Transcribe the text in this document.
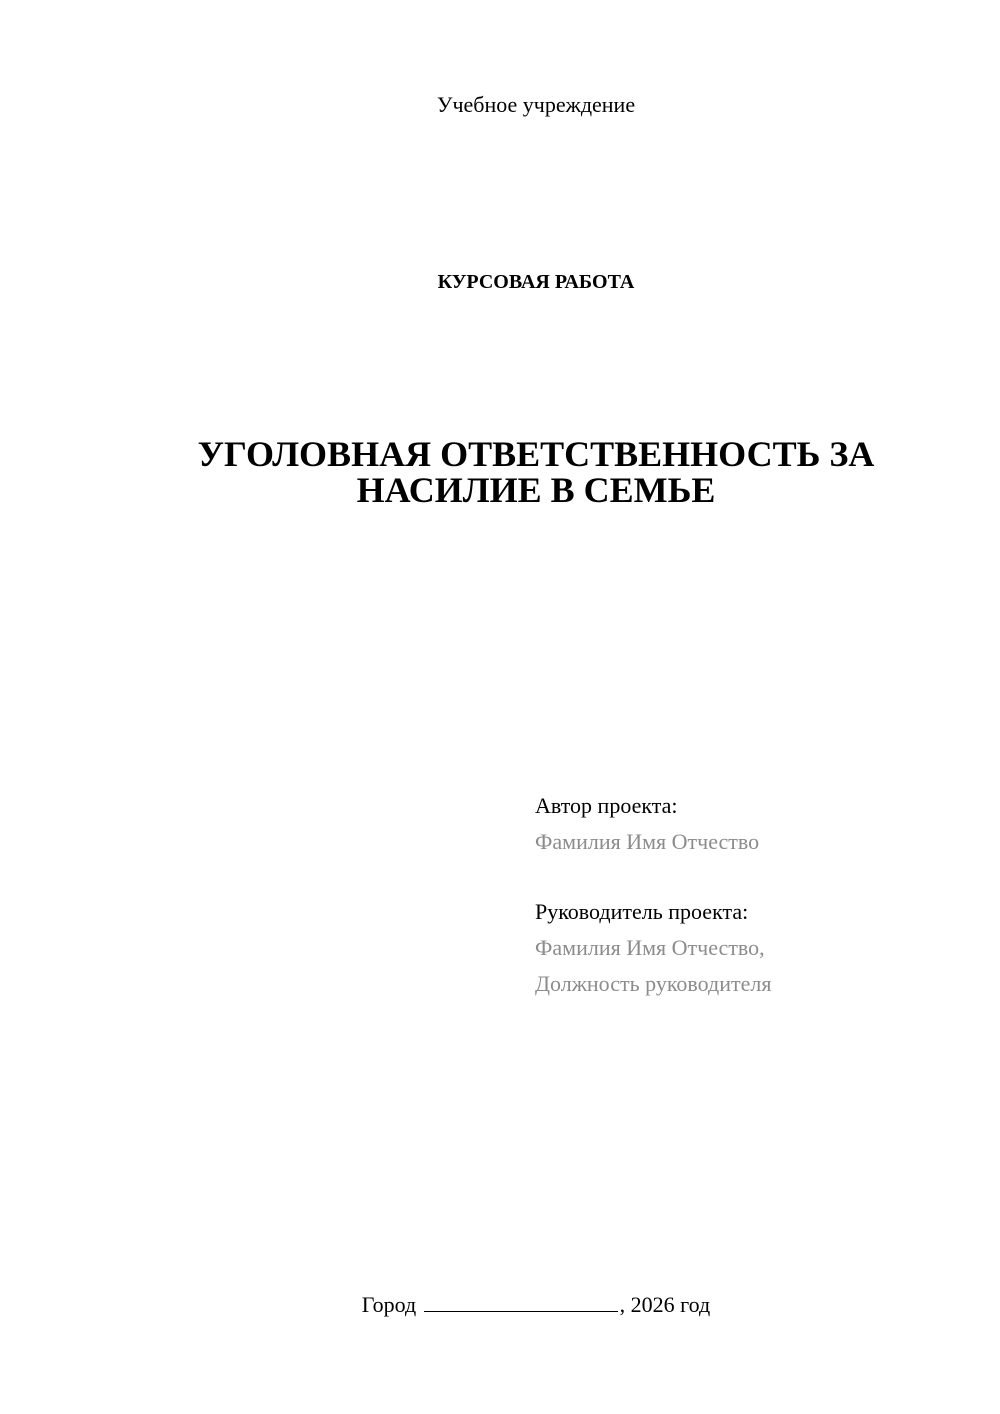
Учебное учреждение
КУРСОВАЯ РАБОТА
УГОЛОВНАЯ ОТВЕТСТВЕННОСТЬ ЗА
НАСИЛИЕ В СЕМЬЕ
Автор проекта:
Фамилия Имя Отчество
Руководитель проекта:
Фамилия Имя Отчество,
Должность руководителя
Город	, 2026 год
